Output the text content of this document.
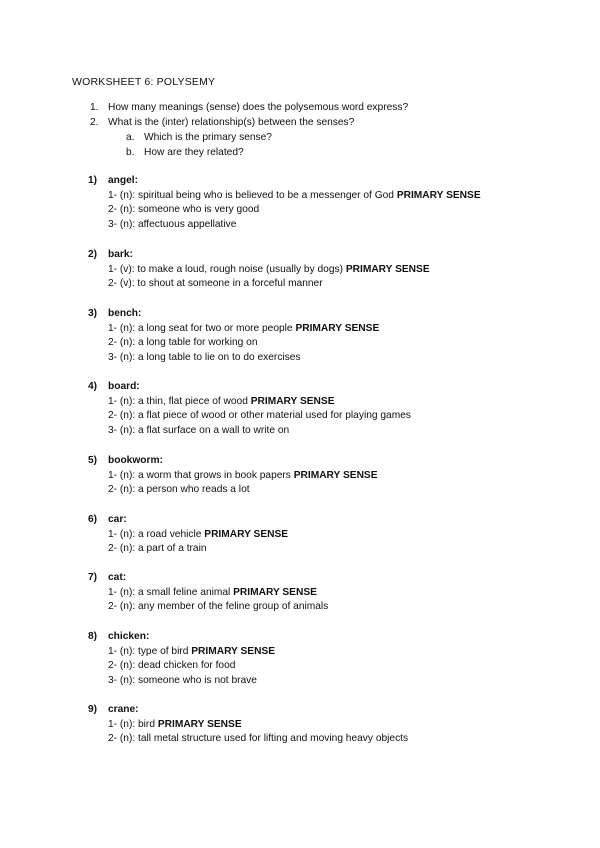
WORKSHEET 6: POLYSEMY
1. How many meanings (sense) does the polysemous word express?
2. What is the (inter) relationship(s) between the senses?
a. Which is the primary sense?
b. How are they related?
1) angel:
1- (n): spiritual being who is believed to be a messenger of God PRIMARY SENSE
2- (n): someone who is very good
3- (n): affectuous appellative
2) bark:
1- (v): to make a loud, rough noise (usually by dogs) PRIMARY SENSE
2- (v): to shout at someone in a forceful manner
3) bench:
1- (n): a long seat for two or more people PRIMARY SENSE
2- (n): a long table for working on
3- (n): a long table to lie on to do exercises
4) board:
1- (n): a thin, flat piece of wood PRIMARY SENSE
2- (n): a flat piece of wood or other material used for playing games
3- (n): a flat surface on a wall to write on
5) bookworm:
1- (n): a worm that grows in book papers PRIMARY SENSE
2- (n): a person who reads a lot
6) car:
1- (n): a road vehicle PRIMARY SENSE
2- (n): a part of a train
7) cat:
1- (n): a small feline animal PRIMARY SENSE
2- (n): any member of the feline group of animals
8) chicken:
1- (n): type of bird PRIMARY SENSE
2- (n): dead chicken for food
3- (n): someone who is not brave
9) crane:
1- (n): bird PRIMARY SENSE
2- (n): tall metal structure used for lifting and moving heavy objects
